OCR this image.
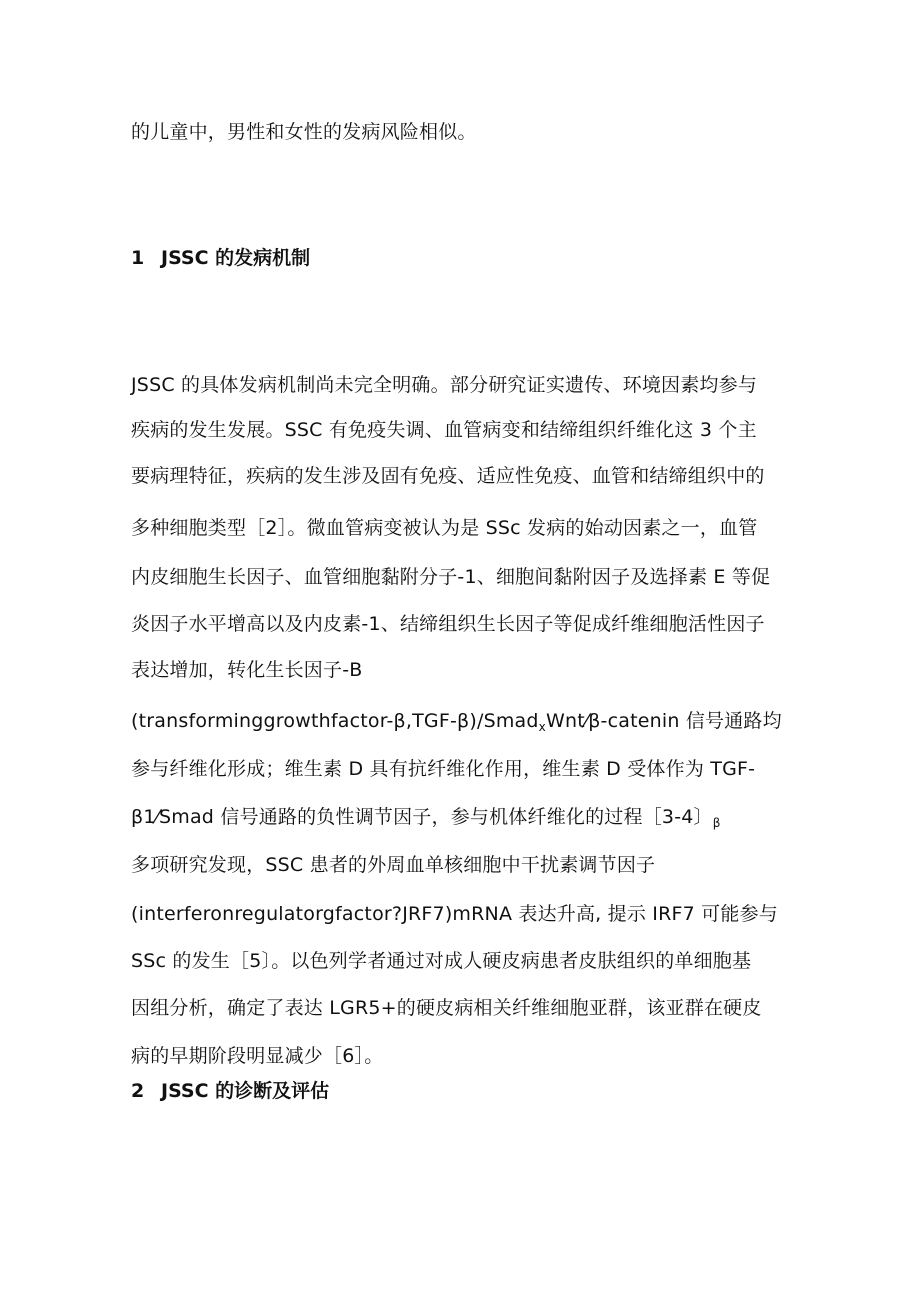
的儿童中，男性和女性的发病风险相似。
1 JSSC 的发病机制
JSSC 的具体发病机制尚未完全明确。部分研究证实遗传、环境因素均参与
疾病的发生发展。SSC 有免疫失调、血管病变和结缔组织纤维化这 3 个主
要病理特征，疾病的发生涉及固有免疫、适应性免疫、血管和结缔组织中的
多种细胞类型［2］。微血管病变被认为是 SSc 发病的始动因素之一，血管
内皮细胞生长因子、血管细胞黏附分子-1、细胞间黏附因子及选择素 E 等促
炎因子水平增高以及内皮素-1、结缔组织生长因子等促成纤维细胞活性因子
表达增加，转化生长因子-B
(transforminggrowthfactor-β,TGF-β)/Smad$_x$Wnt⁄β-catenin 信号通路均
参与纤维化形成；维生素 D 具有抗纤维化作用，维生素 D 受体作为 TGF-
β1⁄Smad 信号通路的负性调节因子，参与机体纤维化的过程［3-4〕$_\beta$
多项研究发现，SSC 患者的外周血单核细胞中干扰素调节因子
(interferonregulatorgfactor?JRF7)mRNA 表达升高, 提示 IRF7 可能参与
SSc 的发生［5〕。以色列学者通过对成人硬皮病患者皮肤组织的单细胞基
因组分析，确定了表达 LGR5+的硬皮病相关纤维细胞亚群，该亚群在硬皮
病的早期阶段明显减少［6］。
2 JSSC 的诊断及评估
